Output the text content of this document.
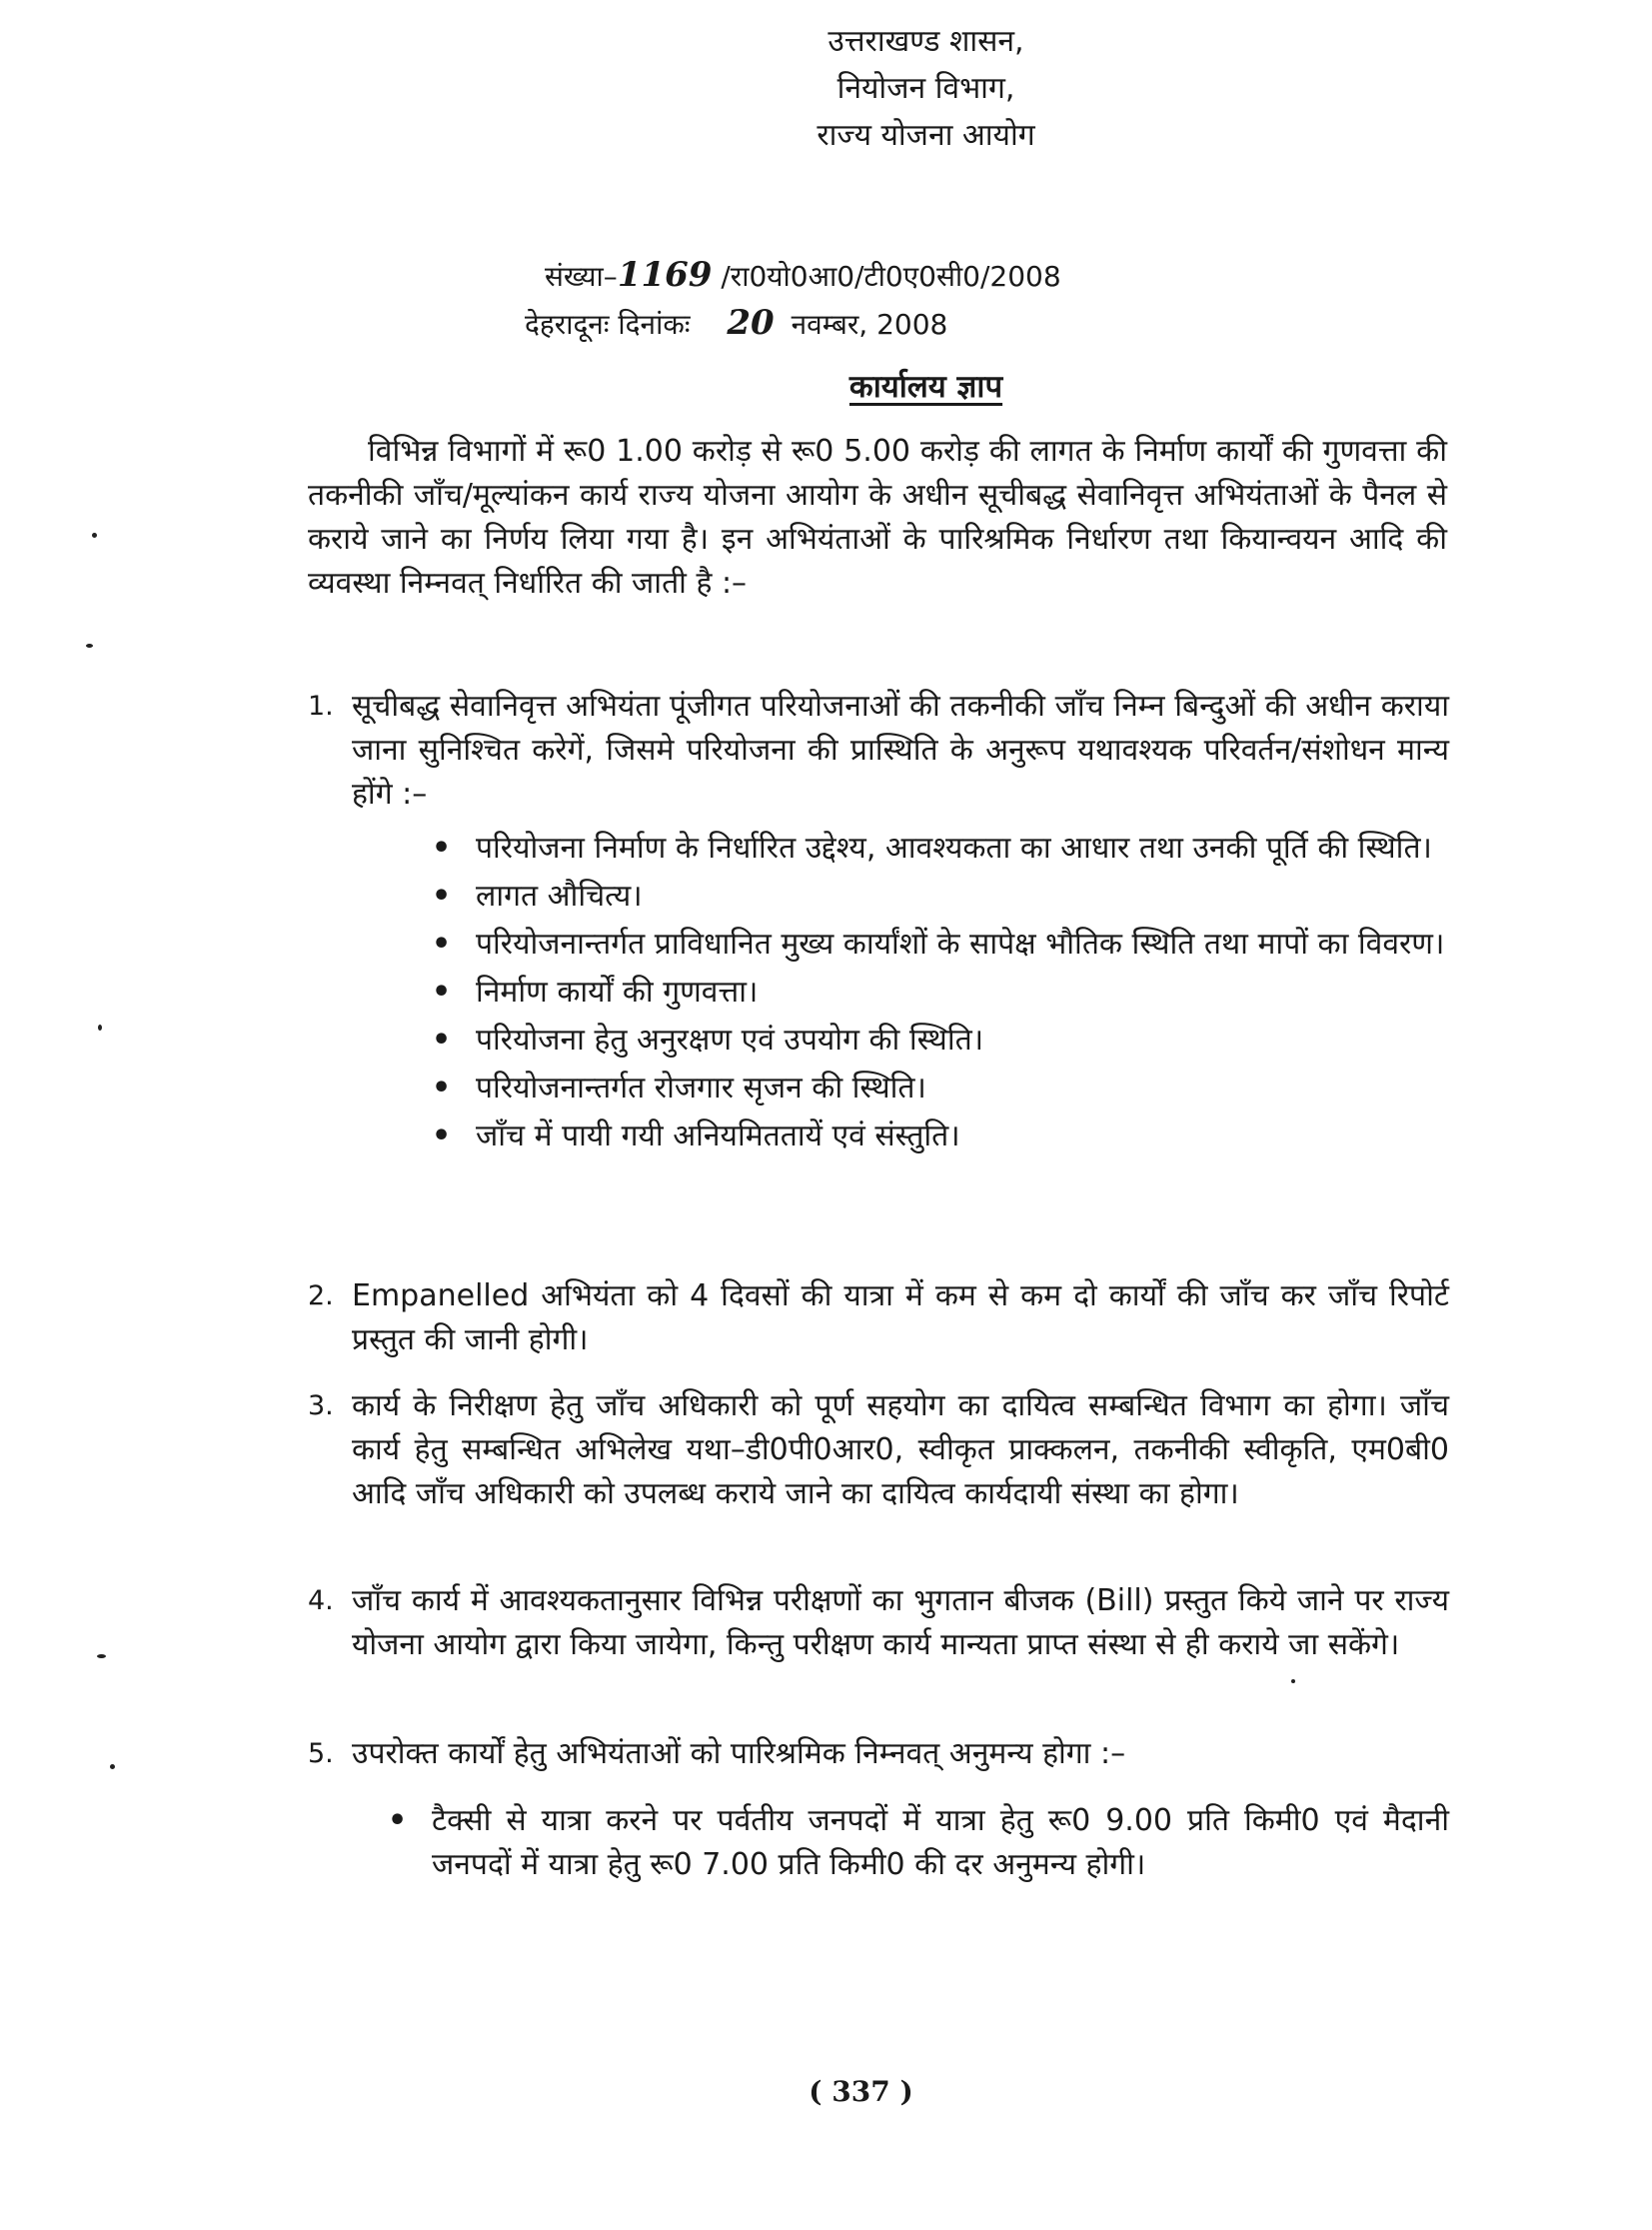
उत्तराखण्ड शासन,
नियोजन विभाग,
राज्य योजना आयोग
संख्या–1169 /रा0यो0आ0/टी0ए0सी0/2008
देहरादूनः दिनांकः 20 नवम्बर, 2008
कार्यालय ज्ञाप
विभिन्न विभागों में रू0 1.00 करोड़ से रू0 5.00 करोड़ की लागत के निर्माण कार्यों की गुणवत्ता की तकनीकी जाँच/मूल्यांकन कार्य राज्य योजना आयोग के अधीन सूचीबद्ध सेवानिवृत्त अभियंताओं के पैनल से कराये जाने का निर्णय लिया गया है। इन अभियंताओं के पारिश्रमिक निर्धारण तथा कियान्वयन आदि की व्यवस्था निम्नवत् निर्धारित की जाती है :–
1. सूचीबद्ध सेवानिवृत्त अभियंता पूंजीगत परियोजनाओं की तकनीकी जाँच निम्न बिन्दुओं की अधीन कराया जाना सुनिश्चित करेगें, जिसमे परियोजना की प्रास्थिति के अनुरूप यथावश्यक परिवर्तन/संशोधन मान्य होंगे :–
• परियोजना निर्माण के निर्धारित उद्देश्य, आवश्यकता का आधार तथा उनकी पूर्ति की स्थिति।
• लागत औचित्य।
• परियोजनान्तर्गत प्राविधानित मुख्य कार्यांशों के सापेक्ष भौतिक स्थिति तथा मापों का विवरण।
• निर्माण कार्यों की गुणवत्ता।
• परियोजना हेतु अनुरक्षण एवं उपयोग की स्थिति।
• परियोजनान्तर्गत रोजगार सृजन की स्थिति।
• जाँच में पायी गयी अनियमिततायें एवं संस्तुति।
2. Empanelled अभियंता को 4 दिवसों की यात्रा में कम से कम दो कार्यों की जाँच कर जाँच रिपोर्ट प्रस्तुत की जानी होगी।
3. कार्य के निरीक्षण हेतु जाँच अधिकारी को पूर्ण सहयोग का दायित्व सम्बन्धित विभाग का होगा। जाँच कार्य हेतु सम्बन्धित अभिलेख यथा–डी0पी0आर0, स्वीकृत प्राक्कलन, तकनीकी स्वीकृति, एम0बी0 आदि जाँच अधिकारी को उपलब्ध कराये जाने का दायित्व कार्यदायी संस्था का होगा।
4. जाँच कार्य में आवश्यकतानुसार विभिन्न परीक्षणों का भुगतान बीजक (Bill) प्रस्तुत किये जाने पर राज्य योजना आयोग द्वारा किया जायेगा, किन्तु परीक्षण कार्य मान्यता प्राप्त संस्था से ही कराये जा सकेंगे।
5. उपरोक्त कार्यों हेतु अभियंताओं को पारिश्रमिक निम्नवत् अनुमन्य होगा :–
• टैक्सी से यात्रा करने पर पर्वतीय जनपदों में यात्रा हेतु रू0 9.00 प्रति किमी0 एवं मैदानी जनपदों में यात्रा हेतु रू0 7.00 प्रति किमी0 की दर अनुमन्य होगी।
( 337 )
